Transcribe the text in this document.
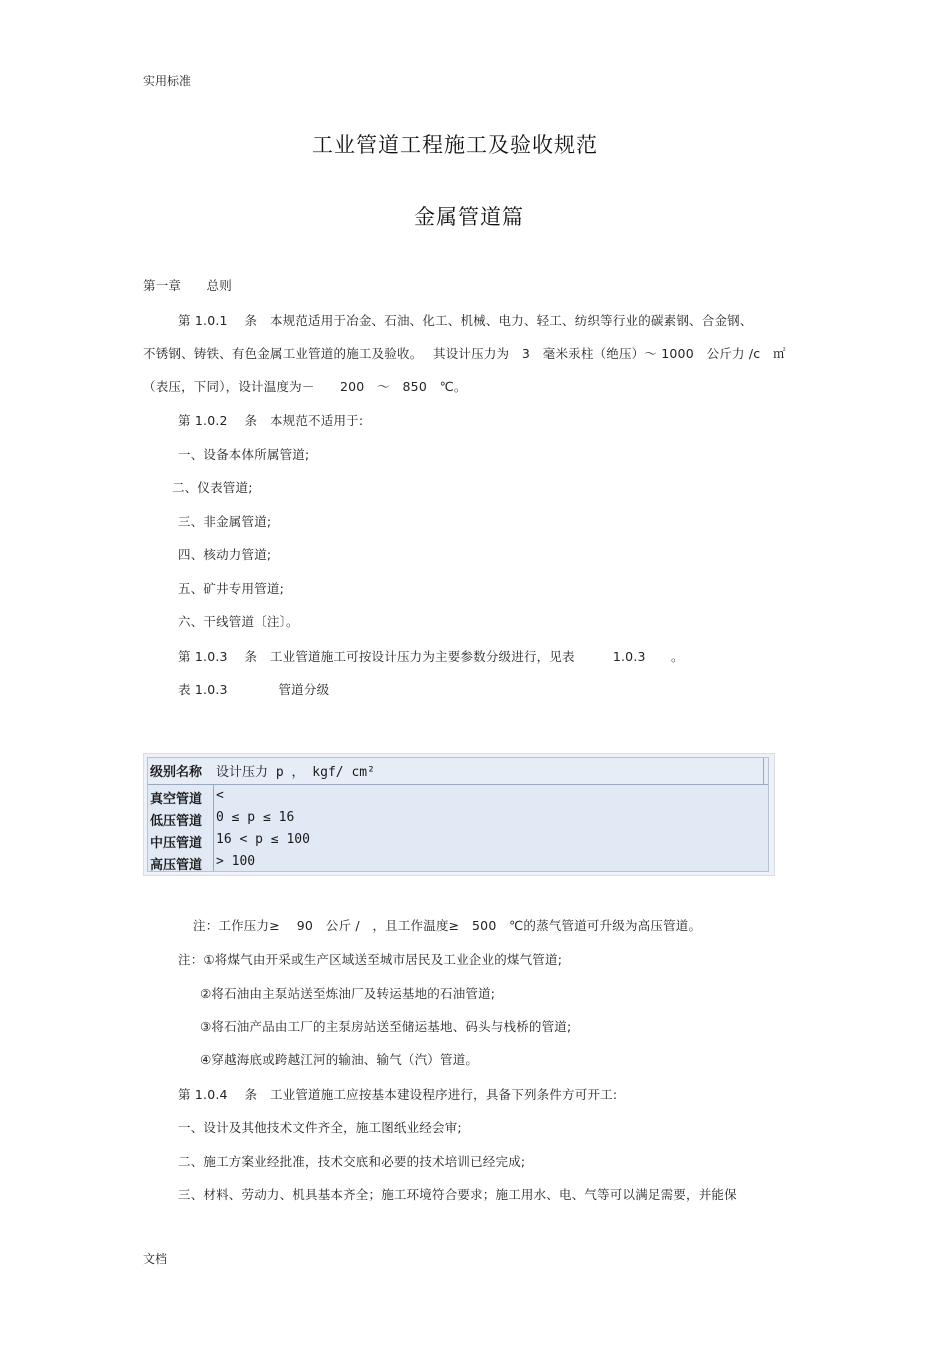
实用标准
工业管道工程施工及验收规范
金属管道篇
第一章　　总则
第 1.0.1　 条　本规范适用于冶金、石油、化工、机械、电力、轻工、纺织等行业的碳素钢、合金钢、
不锈钢、铸铁、有色金属工业管道的施工及验收。　 其设计压力为　3　毫米汞柱（绝压）～ 1000　公斤力 /c　㎡
（表压，下同），设计温度为－　　200　～　850　℃。
第 1.0.2　 条　本规范不适用于:
一、设备本体所属管道;
二、仪表管道;
三、非金属管道;
四、核动力管道;
五、矿井专用管道;
六、干线管道〔注〕。
第 1.0.3　 条　工业管道施工可按设计压力为主要参数分级进行，见表　　　1.0.3　　。
表 1.0.3　　　　管道分级
级别名称 设计压力 p ， kgf/ cm²
真空管道 <
低压管道 0 ≤ p ≤ 16
中压管道 16 < p ≤ 100
高压管道 > 100
注：工作压力≥　 90　公斤 /　，且工作温度≥　500　℃的蒸气管道可升级为高压管道。
注：①将煤气由开采或生产区域送至城市居民及工业企业的煤气管道;
②将石油由主泵站送至炼油厂及转运基地的石油管道;
③将石油产品由工厂的主泵房站送至储运基地、码头与栈桥的管道;
④穿越海底或跨越江河的输油、输气（汽）管道。
第 1.0.4　 条　工业管道施工应按基本建设程序进行，具备下列条件方可开工:
一、设计及其他技术文件齐全，施工图纸业经会审;
二、施工方案业经批准，技术交底和必要的技术培训已经完成;
三、材料、劳动力、机具基本齐全；施工环境符合要求；施工用水、电、气等可以满足需要，并能保
文档
